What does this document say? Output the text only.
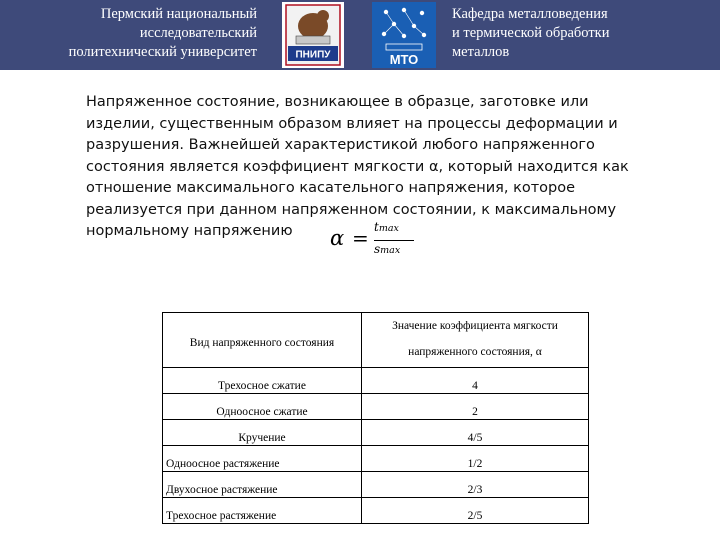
Пермский национальный
исследовательский
политехнический университет	ПНИПУ	МТО
Кафедра металловедения
и термической обработки
металлов
Напряженное состояние, возникающее в образце, заготовке или
изделии, существенным образом влияет на процессы деформации и
разрушения. Важнейшей характеристикой любого напряженного
состояния является коэффициент мягкости α, который находится как
отношение максимального касательного напряжения, которое
реализуется при данном напряженном состоянии, к максимальному
нормальному напряжению	α = tmax
smax
Вид напряженного состояния	Значение коэффициента мягкости
напряженного состояния, α

Трехосное сжатие	4
Одноосное сжатие	2
Кручение	4/5
Одноосное растяжение	1/2
Двухосное растяжение	2/3
Трехосное растяжение	2/5
